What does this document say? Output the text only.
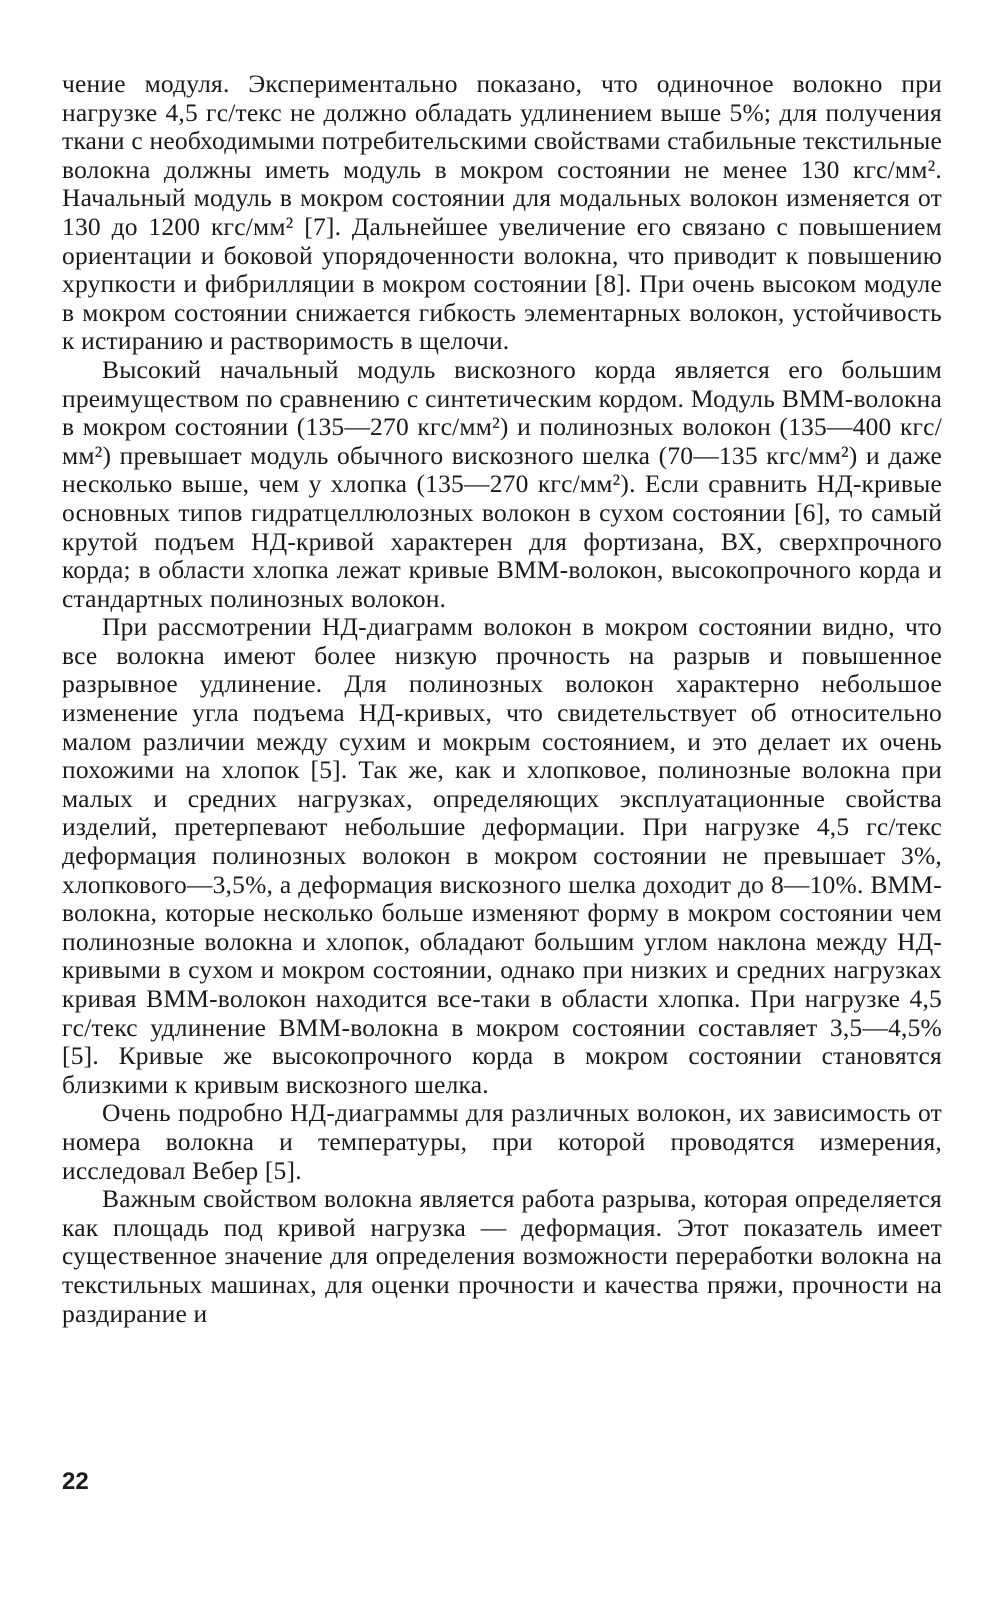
чение модуля. Экспериментально показано, что одиночное волокно при нагрузке 4,5 гс/текс не должно обладать удлинением выше 5%; для получения ткани с необходимыми потребительскими свойствами стабильные текстильные волокна должны иметь модуль в мокром состоянии не менее 130 кгс/мм². Начальный модуль в мокром состоянии для модальных волокон изменяется от 130 до 1200 кгс/мм² [7]. Дальнейшее увеличение его связано с повышением ориентации и боковой упорядоченности волокна, что приводит к повышению хрупкости и фибрилляции в мокром состоянии [8]. При очень высоком модуле в мокром состоянии снижается гибкость элементарных волокон, устойчивость к истиранию и растворимость в щелочи.

Высокий начальный модуль вискозного корда является его большим преимуществом по сравнению с синтетическим кордом. Модуль ВММ-волокна в мокром состоянии (135—270 кгс/мм²) и полинозных волокон (135—400 кгс/мм²) превышает модуль обычного вискозного шелка (70—135 кгс/мм²) и даже несколько выше, чем у хлопка (135—270 кгс/мм²). Если сравнить НД-кривые основных типов гидратцеллюлозных волокон в сухом состоянии [6], то самый крутой подъем НД-кривой характерен для фортизана, ВХ, сверхпрочного корда; в области хлопка лежат кривые ВММ-волокон, высокопрочного корда и стандартных полинозных волокон.

При рассмотрении НД-диаграмм волокон в мокром состоянии видно, что все волокна имеют более низкую прочность на разрыв и повышенное разрывное удлинение. Для полинозных волокон характерно небольшое изменение угла подъема НД-кривых, что свидетельствует об относительно малом различии между сухим и мокрым состоянием, и это делает их очень похожими на хлопок [5]. Так же, как и хлопковое, полинозные волокна при малых и средних нагрузках, определяющих эксплуатационные свойства изделий, претерпевают небольшие деформации. При нагрузке 4,5 гс/текс деформация полинозных волокон в мокром состоянии не превышает 3%, хлопкового—3,5%, а деформация вискозного шелка доходит до 8—10%. ВММ-волокна, которые несколько больше изменяют форму в мокром состоянии чем полинозные волокна и хлопок, обладают большим углом наклона между НД-кривыми в сухом и мокром состоянии, однако при низких и средних нагрузках кривая ВММ-волокон находится все-таки в области хлопка. При нагрузке 4,5 гс/текс удлинение ВММ-волокна в мокром состоянии составляет 3,5—4,5% [5]. Кривые же высокопрочного корда в мокром состоянии становятся близкими к кривым вискозного шелка.

Очень подробно НД-диаграммы для различных волокон, их зависимость от номера волокна и температуры, при которой проводятся измерения, исследовал Вебер [5].

Важным свойством волокна является работа разрыва, которая определяется как площадь под кривой нагрузка — деформация. Этот показатель имеет существенное значение для определения возможности переработки волокна на текстильных машинах, для оценки прочности и качества пряжи, прочности на раздирание и

22
